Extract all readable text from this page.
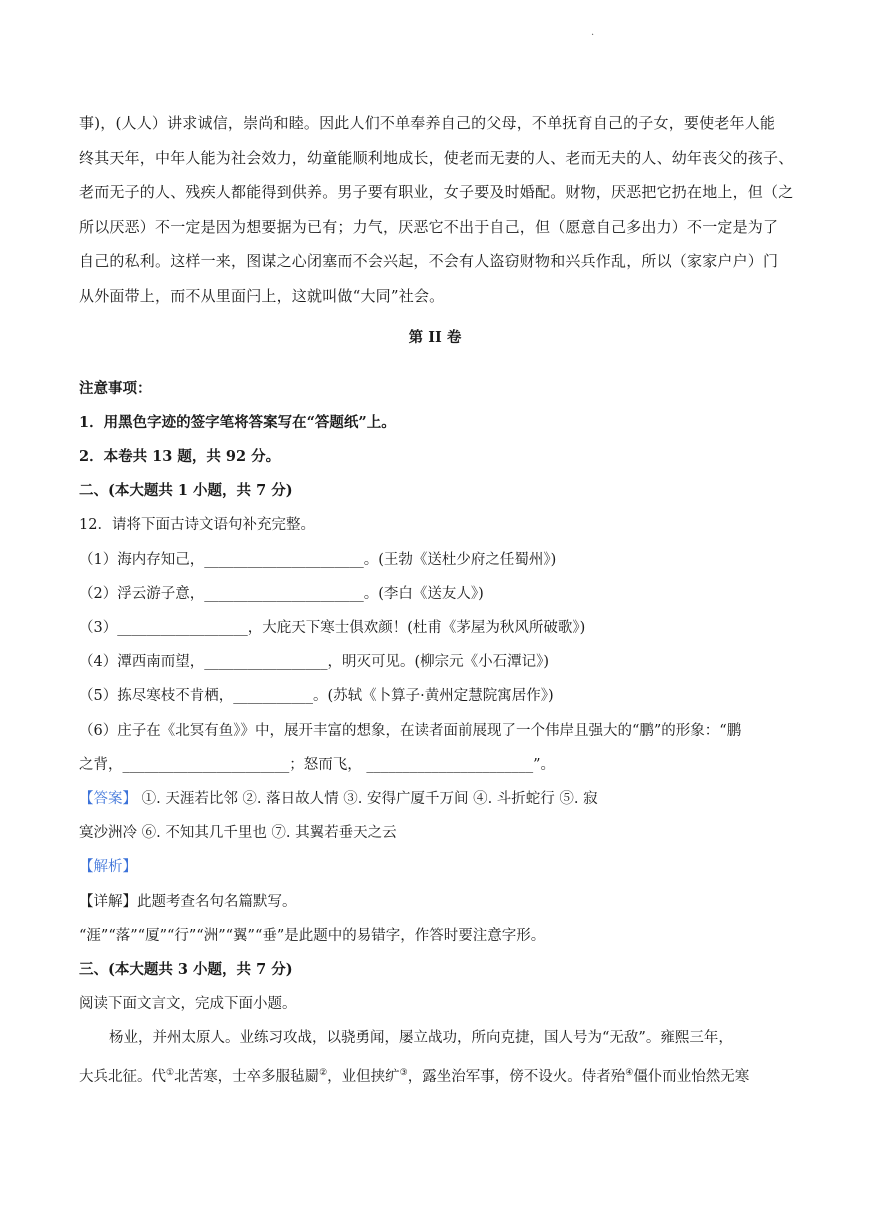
·

事)，(人人）讲求诚信，崇尚和睦。因此人们不单奉养自己的父母，不单抚育自己的子女，要使老年人能

终其天年，中年人能为社会效力，幼童能顺利地成长，使老而无妻的人、老而无夫的人、幼年丧父的孩子、

老而无子的人、残疾人都能得到供养。男子要有职业，女子要及时婚配。财物，厌恶把它扔在地上，但（之

所以厌恶）不一定是因为想要据为已有；力气，厌恶它不出于自己，但（愿意自己多出力）不一定是为了

自己的私利。这样一来，图谋之心闭塞而不会兴起，不会有人盗窃财物和兴兵作乱，所以（家家户户）门

从外面带上，而不从里面闩上，这就叫做“大同”社会。

第 II 卷

注意事项：

1．用黑色字迹的签字笔将答案写在“答题纸”上。

2．本卷共 13 题，共 92 分。

二、(本大题共 1 小题，共 7 分)

12．请将下面古诗文语句补充完整。

（1）海内存知己，______________________。(王勃《送杜少府之任蜀州》)

（2）浮云游子意，______________________。(李白《送友人》)

（3）__________________，大庇天下寒士俱欢颜！(杜甫《茅屋为秋风所破歌》)

（4）潭西南而望，_________________，明灭可见。(柳宗元《小石潭记》)

（5）拣尽寒枝不肯栖，___________。(苏轼《卜算子·黄州定慧院寓居作》)

（6）庄子在《北冥有鱼》》中，展开丰富的想象，在读者面前展现了一个伟岸且强大的“鹏”的形象：“鹏

之背，_______________________；怒而飞， _______________________”。

【答案】 ①. 天涯若比邻 ②. 落日故人情 ③. 安得广厦千万间 ④. 斗折蛇行 ⑤. 寂

寞沙洲冷 ⑥. 不知其几千里也 ⑦. 其翼若垂天之云

【解析】

【详解】此题考查名句名篇默写。

“涯”“落”“厦”“行”“洲”“翼”“垂”是此题中的易错字，作答时要注意字形。

三、(本大题共 3 小题，共 7 分)

阅读下面文言文，完成下面小题。

杨业，并州太原人。业练习攻战，以骁勇闻，屡立战功，所向克捷，国人号为“无敌”。雍熙三年，

大兵北征。代①北苦寒，士卒多服毡罽②，业但挟纩③，露坐治军事，傍不设火。侍者殆④僵仆而业怡然无寒
